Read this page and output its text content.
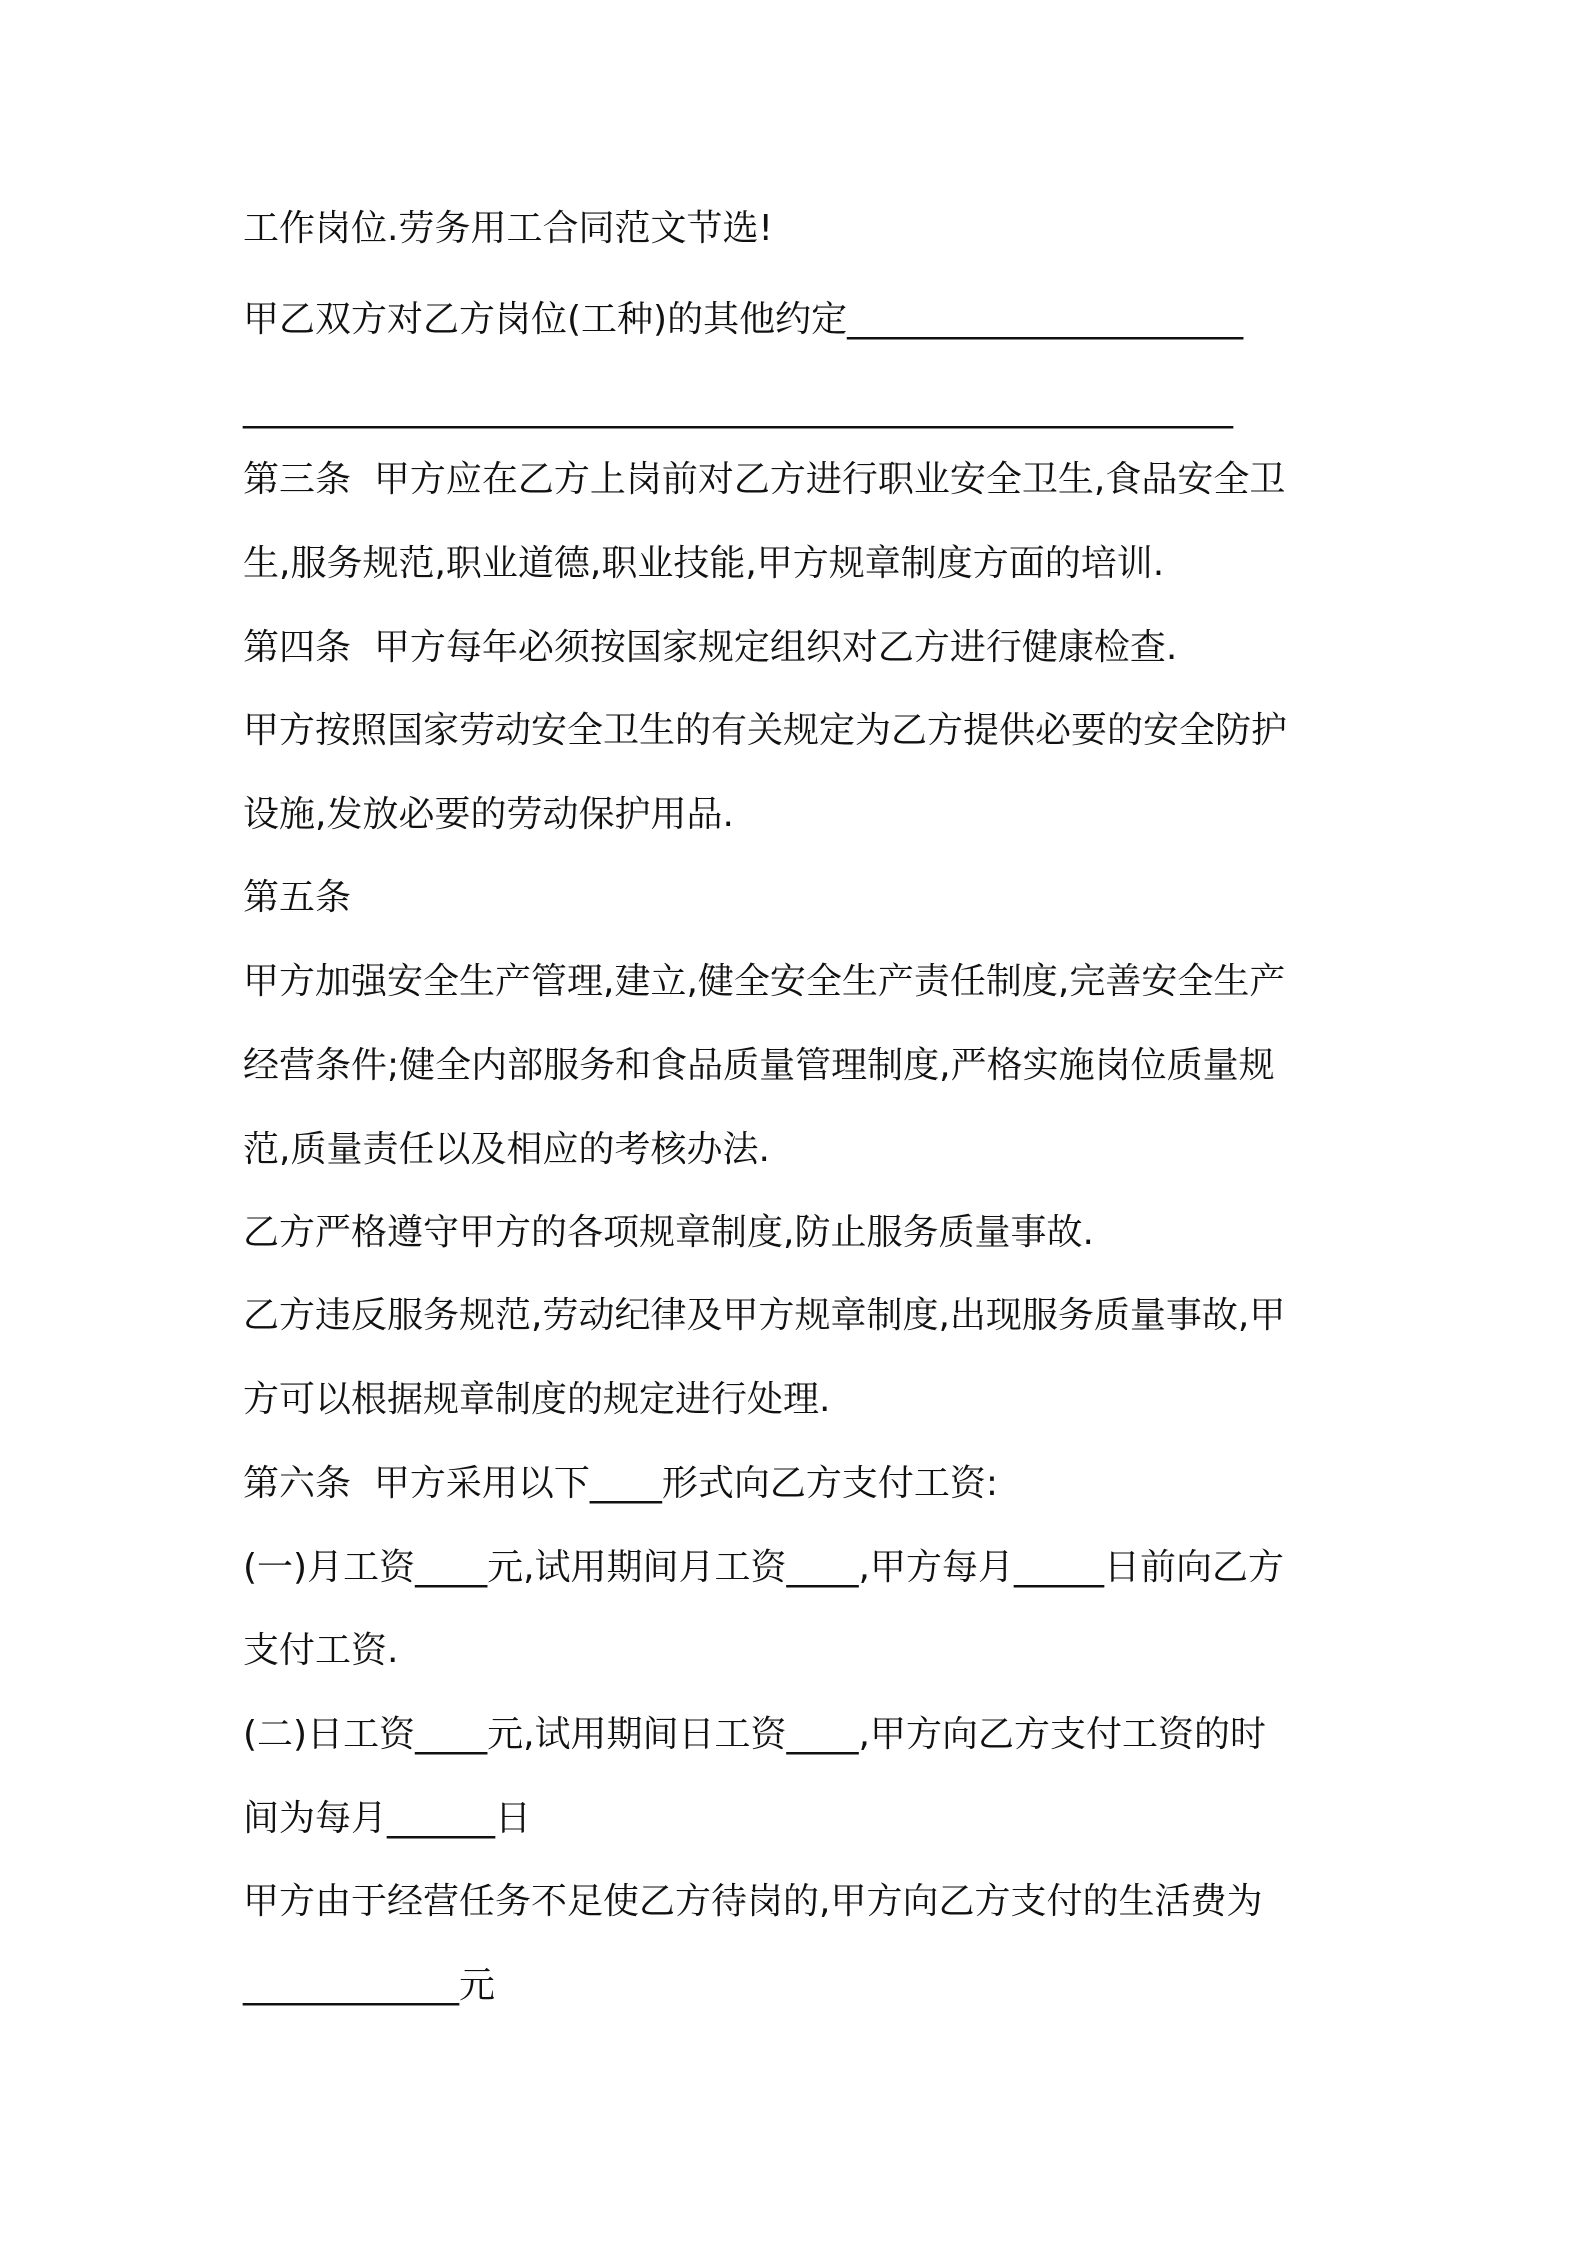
工作岗位.劳务用工合同范文节选!
甲乙双方对乙方岗位(工种)的其他约定______________________
_______________________________________________________
第三条  甲方应在乙方上岗前对乙方进行职业安全卫生,食品安全卫
生,服务规范,职业道德,职业技能,甲方规章制度方面的培训.
第四条  甲方每年必须按国家规定组织对乙方进行健康检查.
甲方按照国家劳动安全卫生的有关规定为乙方提供必要的安全防护
设施,发放必要的劳动保护用品.
第五条
甲方加强安全生产管理,建立,健全安全生产责任制度,完善安全生产
经营条件;健全内部服务和食品质量管理制度,严格实施岗位质量规
范,质量责任以及相应的考核办法.
乙方严格遵守甲方的各项规章制度,防止服务质量事故.
乙方违反服务规范,劳动纪律及甲方规章制度,出现服务质量事故,甲
方可以根据规章制度的规定进行处理.
第六条  甲方采用以下____形式向乙方支付工资:
(一)月工资____元,试用期间月工资____,甲方每月_____日前向乙方
支付工资.
(二)日工资____元,试用期间日工资____,甲方向乙方支付工资的时
间为每月______日
甲方由于经营任务不足使乙方待岗的,甲方向乙方支付的生活费为
____________元
